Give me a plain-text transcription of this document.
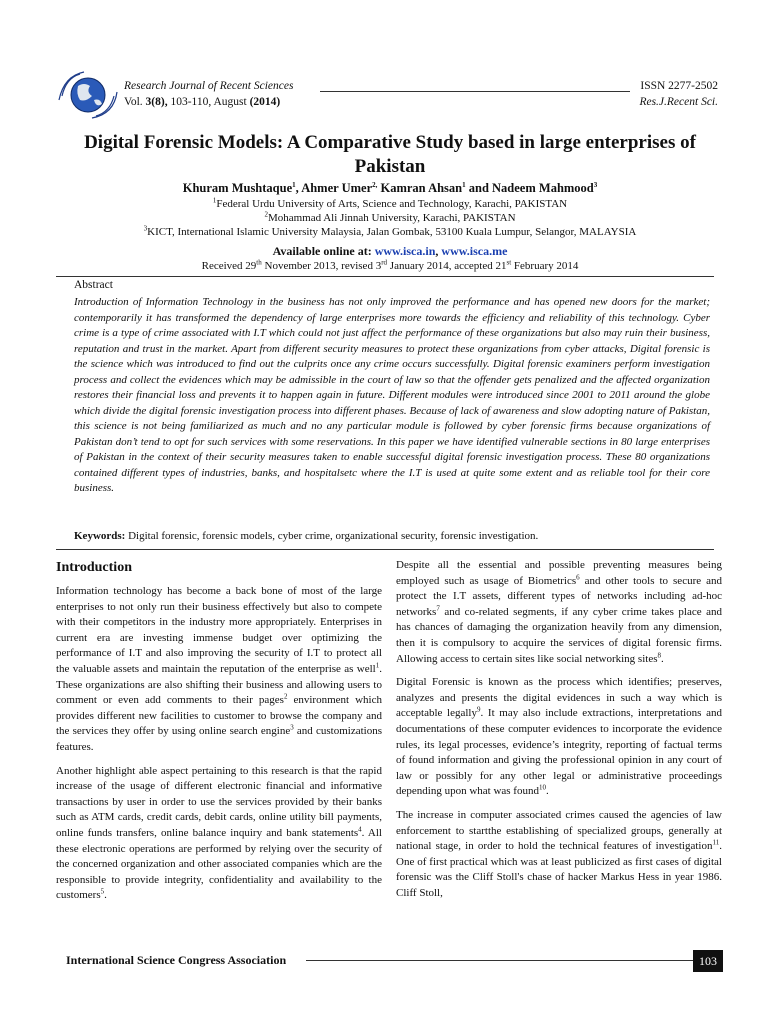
Research Journal of Recent Sciences
Vol. 3(8), 103-110, August (2014)
ISSN 2277-2502
Res.J.Recent Sci.
Digital Forensic Models: A Comparative Study based in large enterprises of Pakistan
Khuram Mushtaque$^1$, Ahmer Umer$^{2,}$ Kamran Ahsan$^1$ and Nadeem Mahmood$^3$
$^1$Federal Urdu University of Arts, Science and Technology, Karachi, PAKISTAN
$^2$Mohammad Ali Jinnah University, Karachi, PAKISTAN
$^3$KICT, International Islamic University Malaysia, Jalan Gombak, 53100 Kuala Lumpur, Selangor, MALAYSIA
Available online at: www.isca.in, www.isca.me
Received 29th November 2013, revised 3rd January 2014, accepted 21st February 2014
Abstract
Introduction of Information Technology in the business has not only improved the performance and has opened new doors for the market; contemporarily it has transformed the dependency of large enterprises more towards the efficiency and reliability of this technology. Cyber crime is a type of crime associated with I.T which could not just affect the performance of these organizations but also may ruin their business, reputation and trust in the market. Apart from different security measures to protect these organizations from cyber attacks, Digital forensic is the science which was introduced to find out the culprits once any crime occurs successfully. Digital forensic examiners perform investigation process and collect the evidences which may be admissible in the court of law so that the offender gets penalized and the affected organization restores their financial loss and prevents it to happen again in future. Different modules were introduced since 2001 to 2011 around the globe which divide the digital forensic investigation process into different phases. Because of lack of awareness and slow adopting nature of Pakistan, this science is not being familiarized as much and no any particular module is followed by cyber forensic firms because organizations of Pakistan don’t tend to opt for such services with some reservations. In this paper we have identified vulnerable sections in 80 large enterprises of Pakistan in the context of their security measures taken to enable successful digital forensic investigation process. These 80 organizations contained different types of industries, banks, and hospitalsetc where the I.T is used at quite some extent and as reliable tool for their core business.
Keywords: Digital forensic, forensic models, cyber crime, organizational security, forensic investigation.
Introduction

Information technology has become a back bone of most of the large enterprises to not only run their business effectively but also to compete with their competitors in the industry more appropriately. Enterprises in current era are investing immense budget over optimizing the performance of I.T and also improving the security of I.T to protect all the valuable assets and maintain the reputation of the enterprise as well$^1$. These organizations are also shifting their business and allowing users to comment or even add comments to their pages$^2$ environment which provides different new facilities to customer to browse the company and the services they offer by using online search engine$^3$ and customizations features.

Another highlight able aspect pertaining to this research is that the rapid increase of the usage of different electronic financial and informative transactions by user in order to use the services provided by their banks such as ATM cards, credit cards, debit cards, online utility bill payments, online funds transfers, online balance inquiry and bank statements$^4$. All these electronic operations are performed by relying over the security of the concerned organization and other associated companies which are the responsible to provide integrity, confidentiality and availability to the customers$^5$.

Despite all the essential and possible preventing measures being employed such as usage of Biometrics$^6$ and other tools to secure and protect the I.T assets, different types of networks including ad-hoc networks$^7$ and co-related segments, if any cyber crime takes place and has chances of damaging the organization heavily from any dimension, then it is compulsory to acquire the services of digital forensic firms. Allowing access to certain sites like social networking sites$^8$.

Digital Forensic is known as the process which identifies; preserves, analyzes and presents the digital evidences in such a way which is acceptable legally$^9$. It may also include extractions, interpretations and documentations of these computer evidences to incorporate the evidence rules, its legal processes, evidence’s integrity, reporting of factual terms of found information and giving the professional opinion in any court of law or possibly for any other legal or administrative proceedings depending upon what was found$^{10}$.

The increase in computer associated crimes caused the agencies of law enforcement to startthe establishing of specialized groups, generally at national stage, in order to hold the technical features of investigation$^{11}$. One of first practical which was at least publicized as first cases of digital forensic was the Cliff Stoll's chase of hacker Markus Hess in year 1986. Cliff Stoll,

International Science Congress Association	103
